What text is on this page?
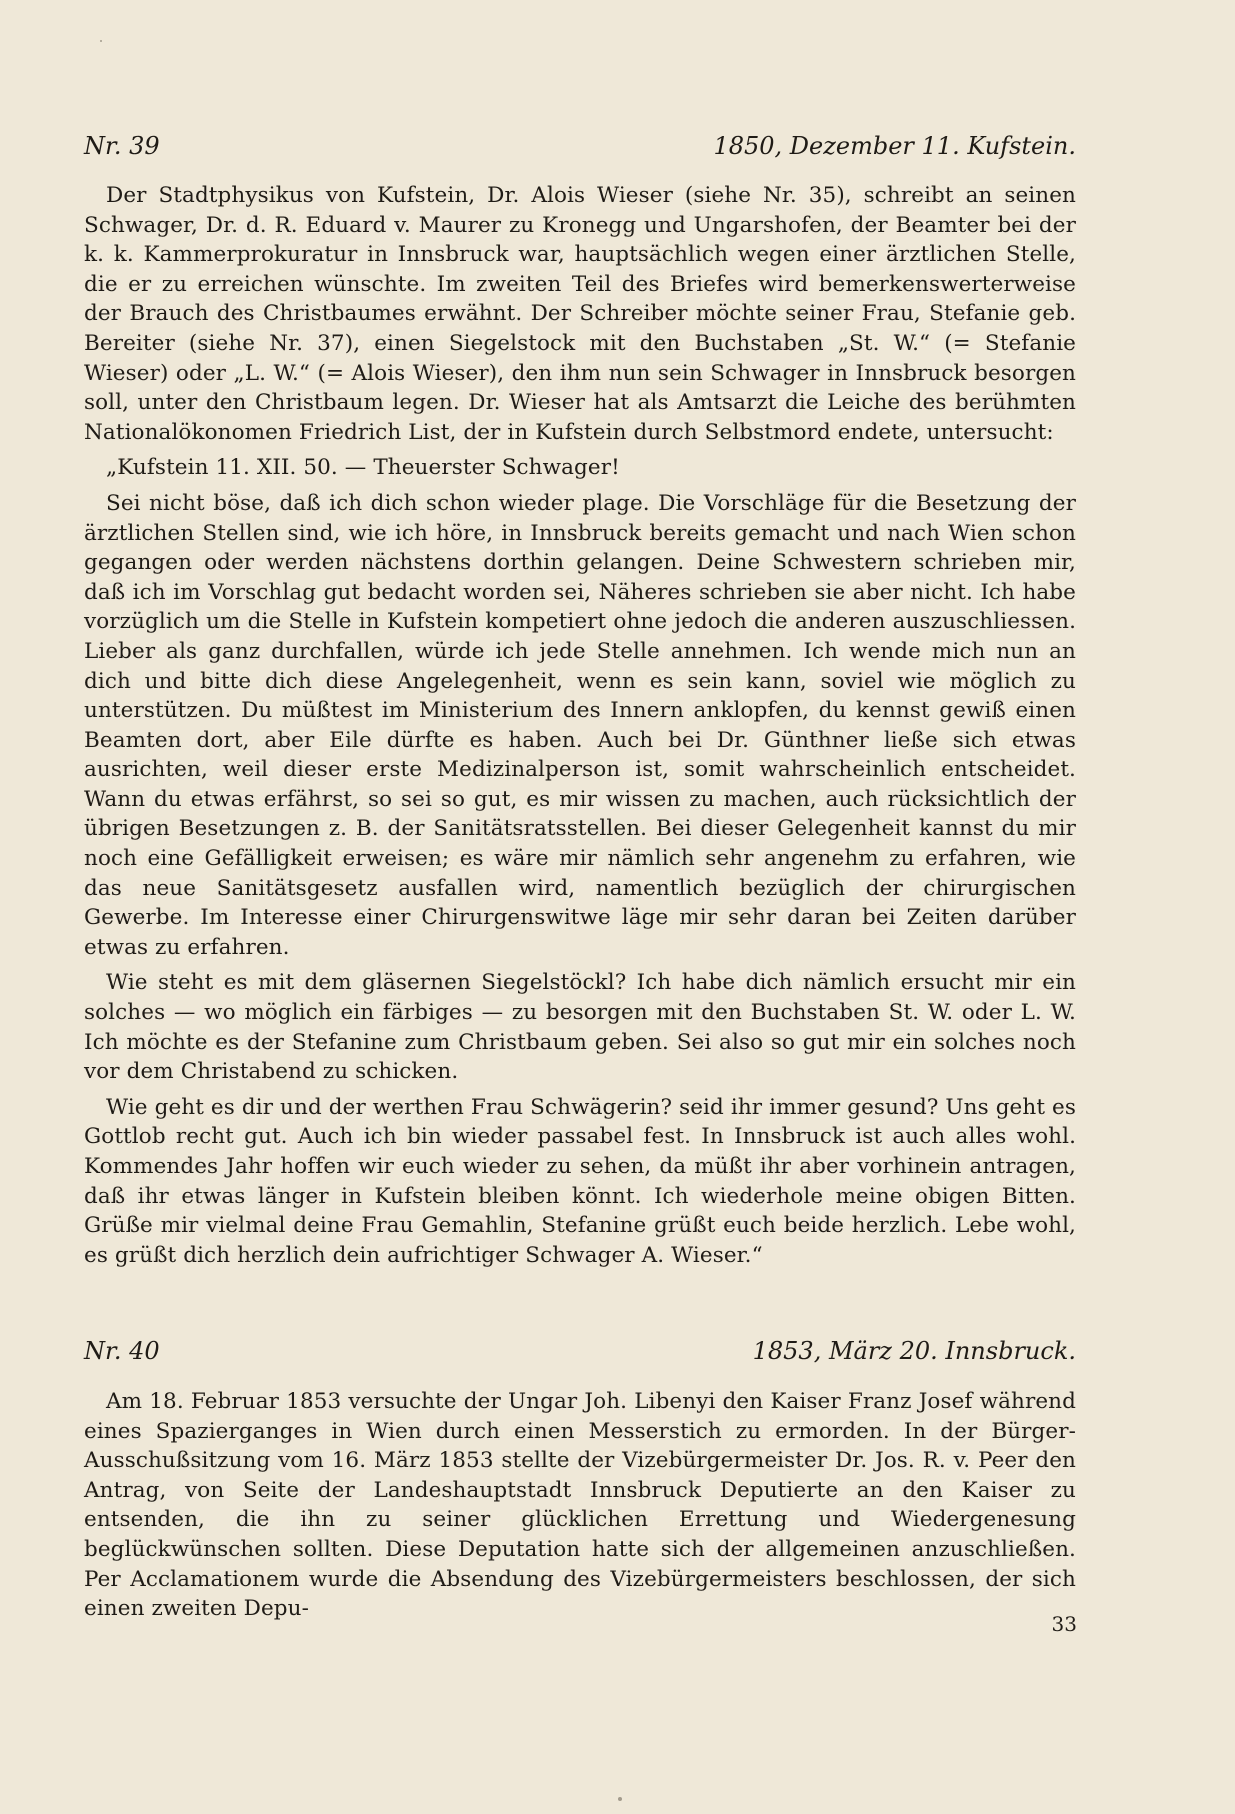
Nr. 39	1850, Dezember 11. Kufstein.

Der Stadtphysikus von Kufstein, Dr. Alois Wieser (siehe Nr. 35), schreibt an seinen Schwager, Dr. d. R. Eduard v. Maurer zu Kronegg und Ungarshofen, der Beamter bei der k. k. Kammerprokuratur in Innsbruck war, hauptsächlich wegen einer ärztlichen Stelle, die er zu erreichen wünschte. Im zweiten Teil des Briefes wird bemerkenswerterweise der Brauch des Christbaumes erwähnt. Der Schreiber möchte seiner Frau, Stefanie geb. Bereiter (siehe Nr. 37), einen Siegelstock mit den Buchstaben „St. W.“ (= Stefanie Wieser) oder „L. W.“ (= Alois Wieser), den ihm nun sein Schwager in Innsbruck besorgen soll, unter den Christbaum legen. Dr. Wieser hat als Amtsarzt die Leiche des berühmten Nationalökonomen Friedrich List, der in Kufstein durch Selbstmord endete, untersucht:

„Kufstein 11. XII. 50. — Theuerster Schwager!

Sei nicht böse, daß ich dich schon wieder plage. Die Vorschläge für die Besetzung der ärztlichen Stellen sind, wie ich höre, in Innsbruck bereits gemacht und nach Wien schon gegangen oder werden nächstens dorthin gelangen. Deine Schwestern schrieben mir, daß ich im Vorschlag gut bedacht worden sei, Näheres schrieben sie aber nicht. Ich habe vorzüglich um die Stelle in Kufstein kompetiert ohne jedoch die anderen auszuschliessen. Lieber als ganz durchfallen, würde ich jede Stelle annehmen. Ich wende mich nun an dich und bitte dich diese Angelegenheit, wenn es sein kann, soviel wie möglich zu unterstützen. Du müßtest im Ministerium des Innern anklopfen, du kennst gewiß einen Beamten dort, aber Eile dürfte es haben. Auch bei Dr. Günthner ließe sich etwas ausrichten, weil dieser erste Medizinalperson ist, somit wahrscheinlich entscheidet. Wann du etwas erfährst, so sei so gut, es mir wissen zu machen, auch rücksichtlich der übrigen Besetzungen z. B. der Sanitätsratsstellen. Bei dieser Gelegenheit kannst du mir noch eine Gefälligkeit erweisen; es wäre mir nämlich sehr angenehm zu erfahren, wie das neue Sanitätsgesetz ausfallen wird, namentlich bezüglich der chirurgischen Gewerbe. Im Interesse einer Chirurgenswitwe läge mir sehr daran bei Zeiten darüber etwas zu erfahren.

Wie steht es mit dem gläsernen Siegelstöckl? Ich habe dich nämlich ersucht mir ein solches — wo möglich ein färbiges — zu besorgen mit den Buchstaben St. W. oder L. W. Ich möchte es der Stefanine zum Christbaum geben. Sei also so gut mir ein solches noch vor dem Christabend zu schicken.

Wie geht es dir und der werthen Frau Schwägerin? seid ihr immer gesund? Uns geht es Gottlob recht gut. Auch ich bin wieder passabel fest. In Innsbruck ist auch alles wohl. Kommendes Jahr hoffen wir euch wieder zu sehen, da müßt ihr aber vorhinein antragen, daß ihr etwas länger in Kufstein bleiben könnt. Ich wiederhole meine obigen Bitten. Grüße mir vielmal deine Frau Gemahlin, Stefanine grüßt euch beide herzlich. Lebe wohl, es grüßt dich herzlich dein aufrichtiger Schwager A. Wieser.“

Nr. 40	1853, März 20. Innsbruck.

Am 18. Februar 1853 versuchte der Ungar Joh. Libenyi den Kaiser Franz Josef während eines Spazierganges in Wien durch einen Messerstich zu ermorden. In der Bürger-Ausschußsitzung vom 16. März 1853 stellte der Vizebürgermeister Dr. Jos. R. v. Peer den Antrag, von Seite der Landeshauptstadt Innsbruck Deputierte an den Kaiser zu entsenden, die ihn zu seiner glücklichen Errettung und Wiedergenesung beglückwünschen sollten. Diese Deputation hatte sich der allgemeinen anzuschließen. Per Acclamationem wurde die Absendung des Vizebürgermeisters beschlossen, der sich einen zweiten Depu-

33
